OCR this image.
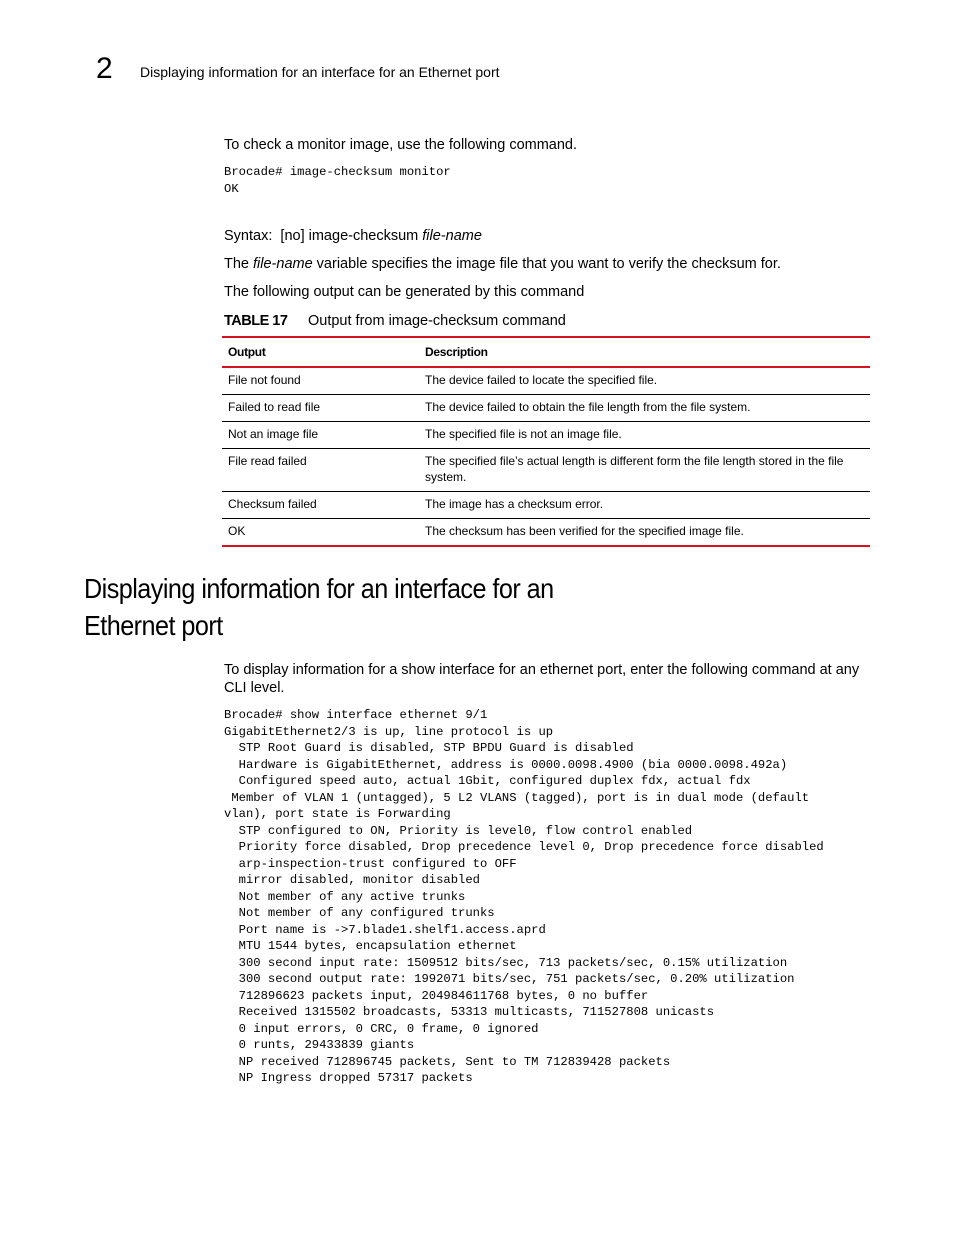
2 Displaying information for an interface for an Ethernet port

To check a monitor image, use the following command.

Brocade# image-checksum monitor
OK

Syntax: [no] image-checksum file-name

The file-name variable specifies the image file that you want to verify the checksum for.

The following output can be generated by this command

TABLE 17 Output from image-checksum command
Output	Description
File not found	The device failed to locate the specified file.
Failed to read file	The device failed to obtain the file length from the file system.
Not an image file	The specified file is not an image file.
File read failed	The specified file’s actual length is different form the file length stored in the file system.
Checksum failed	The image has a checksum error.
OK	The checksum has been verified for the specified image file.
Displaying information for an interface for an Ethernet port

To display information for a show interface for an ethernet port, enter the following command at any CLI level.

Brocade# show interface ethernet 9/1
GigabitEthernet2/3 is up, line protocol is up
STP Root Guard is disabled, STP BPDU Guard is disabled
Hardware is GigabitEthernet, address is 0000.0098.4900 (bia 0000.0098.492a)
Configured speed auto, actual 1Gbit, configured duplex fdx, actual fdx
Member of VLAN 1 (untagged), 5 L2 VLANS (tagged), port is in dual mode (default
vlan), port state is Forwarding
STP configured to ON, Priority is level0, flow control enabled
Priority force disabled, Drop precedence level 0, Drop precedence force disabled
arp-inspection-trust configured to OFF
mirror disabled, monitor disabled
Not member of any active trunks
Not member of any configured trunks
Port name is ->7.blade1.shelf1.access.aprd
MTU 1544 bytes, encapsulation ethernet
300 second input rate: 1509512 bits/sec, 713 packets/sec, 0.15% utilization
300 second output rate: 1992071 bits/sec, 751 packets/sec, 0.20% utilization
712896623 packets input, 204984611768 bytes, 0 no buffer
Received 1315502 broadcasts, 53313 multicasts, 711527808 unicasts
0 input errors, 0 CRC, 0 frame, 0 ignored
0 runts, 29433839 giants
NP received 712896745 packets, Sent to TM 712839428 packets
NP Ingress dropped 57317 packets
